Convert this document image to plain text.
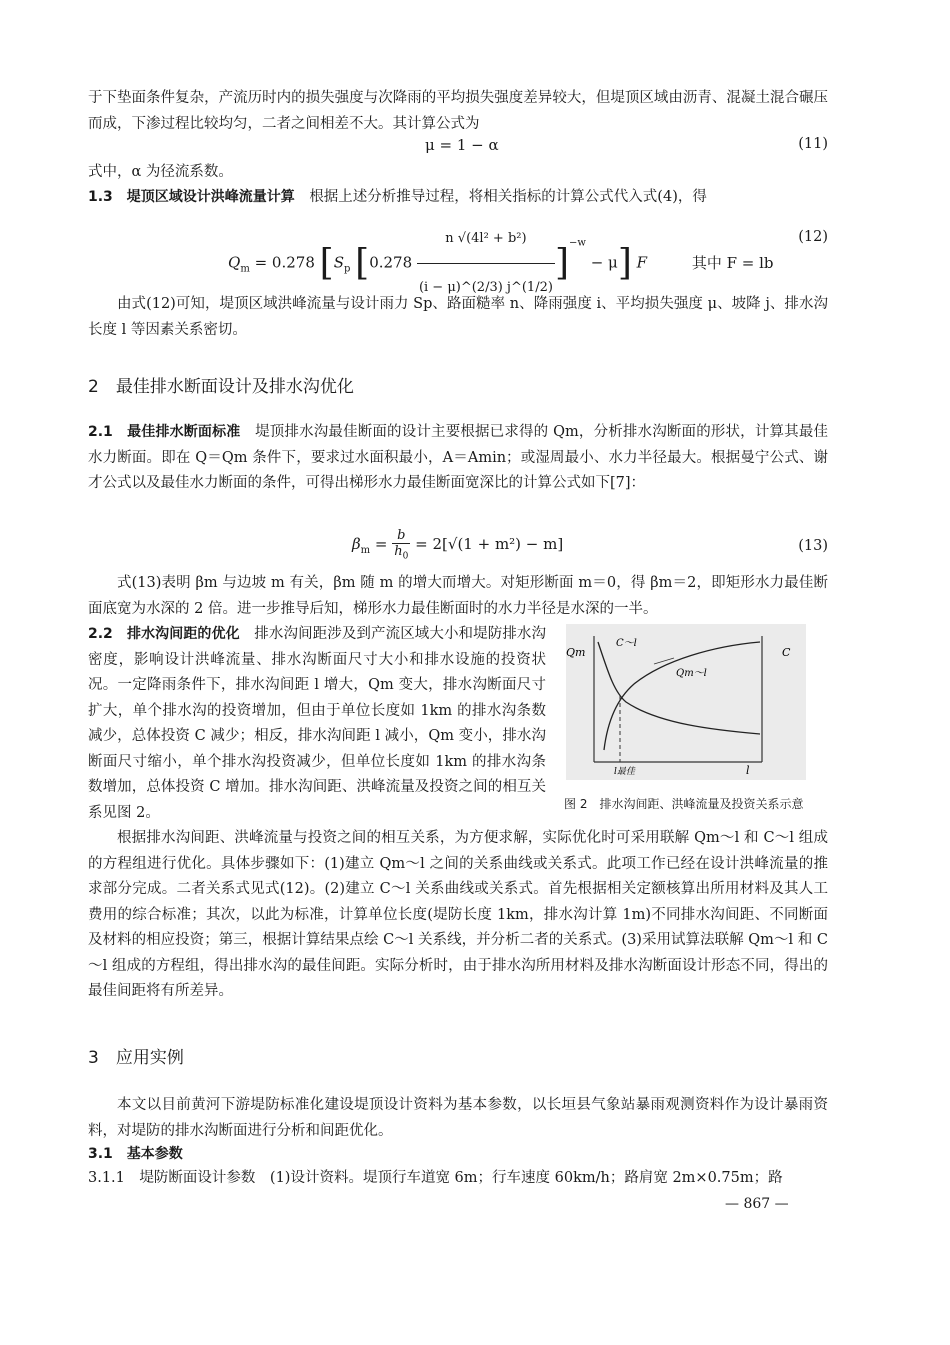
于下垫面条件复杂，产流历时内的损失强度与次降雨的平均损失强度差异较大，但堤顶区域由沥青、混凝土混合碾压而成，下渗过程比较均匀，二者之间相差不大。其计算公式为
μ = 1 − α	(11)
式中，α 为径流系数。
1.3　堤顶区域设计洪峰流量计算　 根据上述分析推导过程，将相关指标的计算公式代入式(4)，得
$Q_m = 0.278$ [$S_p$ $[0.278 \frac{\text{n √(4l² + b²)}}{(i - \mu)\^{}(2/3) j\^{}(1/2)} ]^{-w} - \mu$] F	其中 F = lb
(12)
由式(12)可知，堤顶区域洪峰流量与设计雨力 Sp、路面糙率 n、降雨强度 i、平均损失强度 μ、坡降 j、排水沟长度 l 等因素关系密切。
2　最佳排水断面设计及排水沟优化
2.1　最佳排水断面标准　 堤顶排水沟最佳断面的设计主要根据已求得的 Qm，分析排水沟断面的形状，计算其最佳水力断面。即在 Q＝Qm 条件下，要求过水面积最小，A＝Amin；或湿周最小、水力半径最大。根据曼宁公式、谢才公式以及最佳水力断面的条件，可得出梯形水力最佳断面宽深比的计算公式如下[7]：
$\beta_m = \frac{b}{h_0} = 2[√(1 + m^2) - m]$	(13)
式(13)表明 βm 与边坡 m 有关，βm 随 m 的增大而增大。对矩形断面 m＝0，得 βm＝2，即矩形水力最佳断面底宽为水深的 2 倍。进一步推导后知，梯形水力最佳断面时的水力半径是水深的一半。
2.2　排水沟间距的优化　 排水沟间距涉及到产流区域大小和堤防排水沟密度，影响设计洪峰流量、排水沟断面尺寸大小和排水设施的投资状况。一定降雨条件下，排水沟间距 l 增大，Qm 变大，排水沟断面尺寸扩大，单个排水沟的投资增加，但由于单位长度如 1km 的排水沟条数减少，总体投资 C 减少；相反，排水沟间距 l 减小，Qm 变小，排水沟断面尺寸缩小，单个排水沟投资减少，但单位长度如 1km 的排水沟条数增加，总体投资 C 增加。排水沟间距、洪峰流量及投资之间的相互关系见图 2。
Qm	C
C～l
Qm～l
l最佳	l
图 2　排水沟间距、洪峰流量及投资关系示意
根据排水沟间距、洪峰流量与投资之间的相互关系，为方便求解，实际优化时可采用联解 Qm～l 和 C～l 组成的方程组进行优化。具体步骤如下：(1)建立 Qm～l 之间的关系曲线或关系式。此项工作已经在设计洪峰流量的推求部分完成。二者关系式见式(12)。(2)建立 C～l 关系曲线或关系式。首先根据相关定额核算出所用材料及其人工费用的综合标准；其次，以此为标准，计算单位长度(堤防长度 1km，排水沟计算 1m)不同排水沟间距、不同断面及材料的相应投资；第三，根据计算结果点绘 C～l 关系线，并分析二者的关系式。(3)采用试算法联解 Qm～l 和 C～l 组成的方程组，得出排水沟的最佳间距。实际分析时，由于排水沟所用材料及排水沟断面设计形态不同，得出的最佳间距将有所差异。
3　应用实例
本文以目前黄河下游堤防标准化建设堤顶设计资料为基本参数，以长垣县气象站暴雨观测资料作为设计暴雨资料，对堤防的排水沟断面进行分析和间距优化。
3.1　基本参数
3.1.1　堤防断面设计参数　 (1)设计资料。堤顶行车道宽 6m；行车速度 60km/h；路肩宽 2m×0.75m；路
— 867 —
